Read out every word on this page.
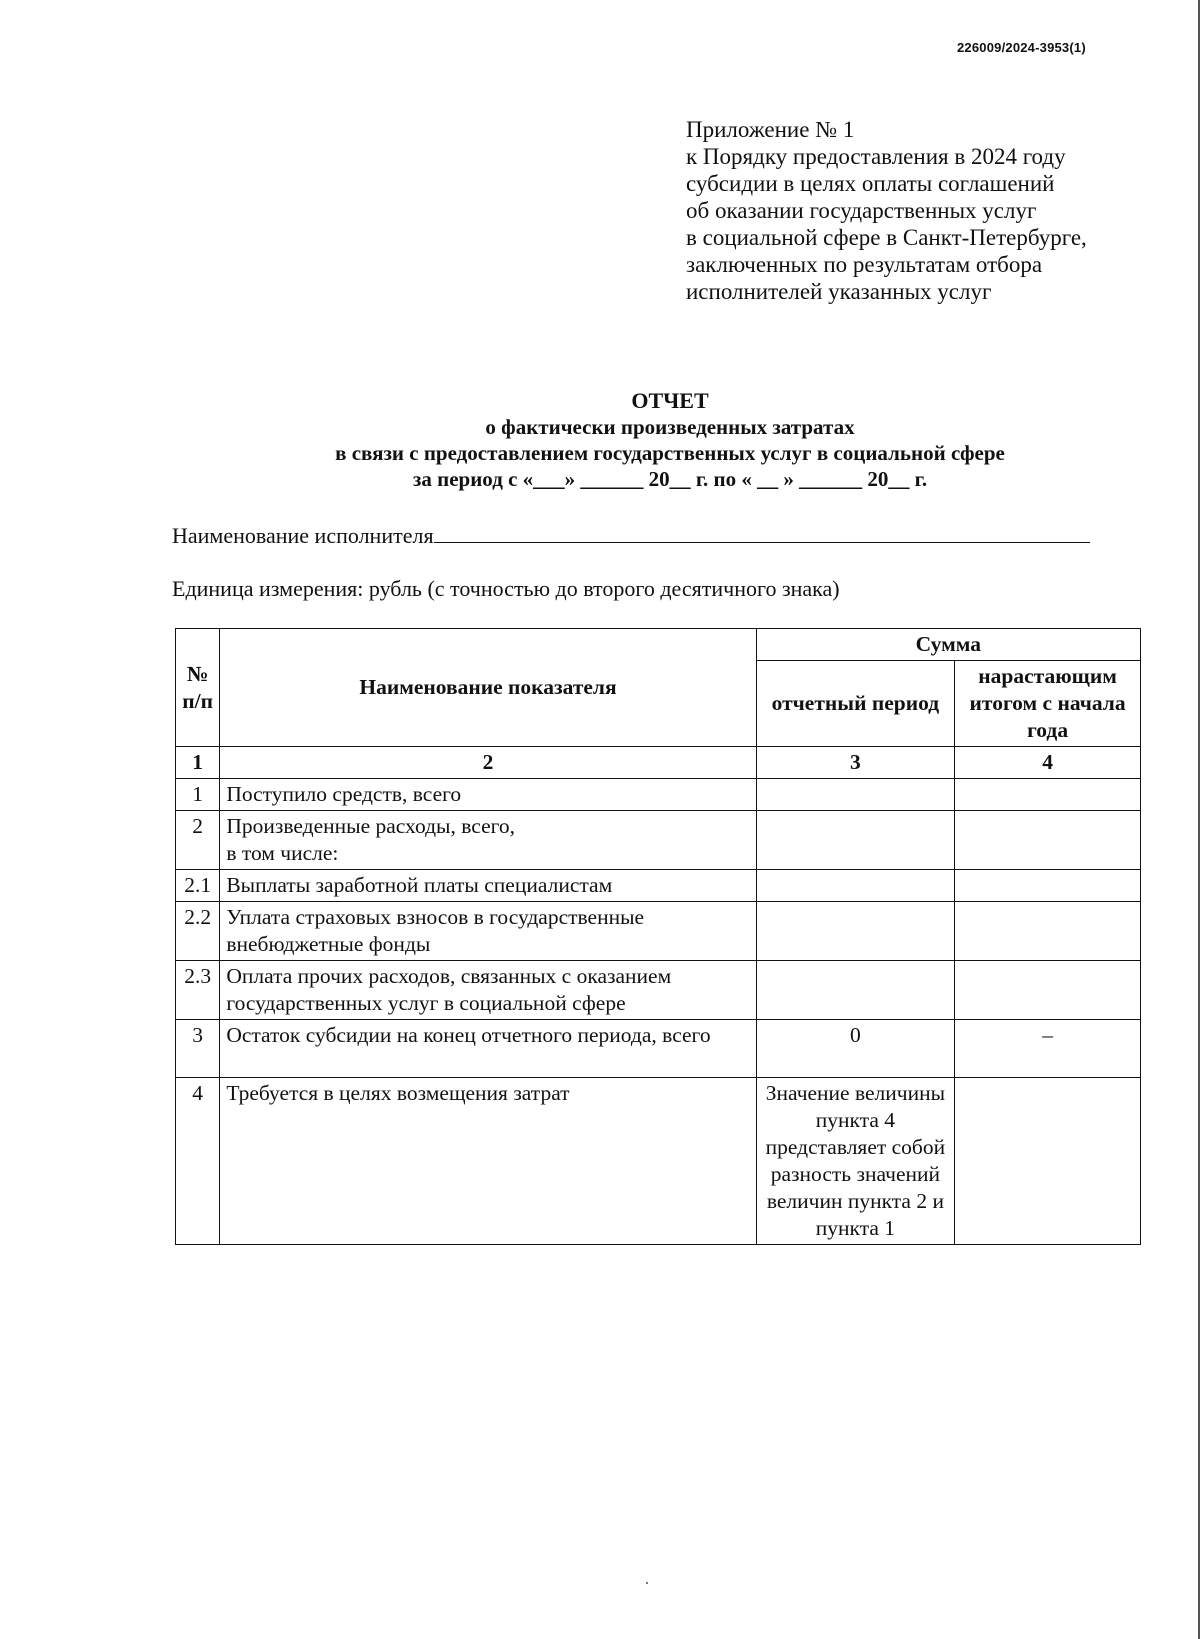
226009/2024-3953(1)
Приложение № 1
к Порядку предоставления в 2024 году
субсидии в целях оплаты соглашений
об оказании государственных услуг
в социальной сфере в Санкт-Петербурге,
заключенных по результатам отбора
исполнителей указанных услуг
ОТЧЕТ
о фактически произведенных затратах
в связи с предоставлением государственных услуг в социальной сфере
за период с «___» ______ 20__ г. по « __ » ______ 20__ г.
Наименование исполнителя
Единица измерения: рубль (с точностью до второго десятичного знака)
№ п/п	Наименование показателя	Сумма	
		отчетный период	нарастающим итогом с начала года
1	2	3	4
1	Поступило средств, всего		
2	Произведенные расходы, всего,
в том числе:		
2.1	Выплаты заработной платы специалистам		
2.2	Уплата страховых взносов в государственные внебюджетные фонды		
2.3	Оплата прочих расходов, связанных с оказанием государственных услуг в социальной сфере		
3	Остаток субсидии на конец отчетного периода, всего	0	–
4	Требуется в целях возмещения затрат	Значение величины пункта 4 представляет собой разность значений величин пункта 2 и пункта 1	
